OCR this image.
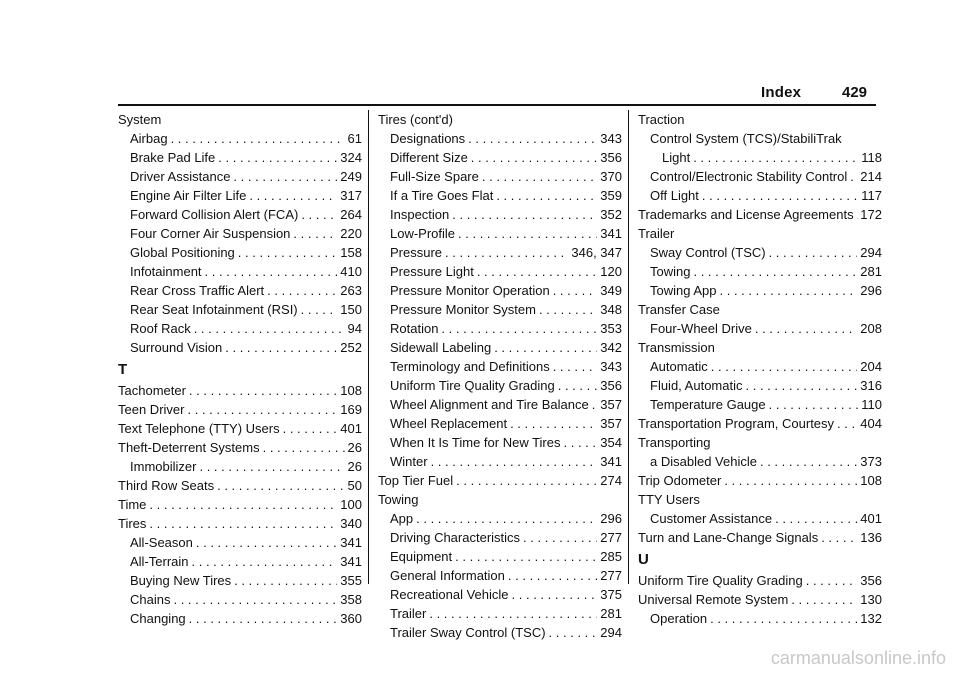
Index	429
System
Airbag . . .	61
Brake Pad Life . . .	324
Driver Assistance . . .	249
Engine Air Filter Life . . .	317
Forward Collision Alert (FCA) . . .	264
Four Corner Air Suspension . . .	220
Global Positioning . . .	158
Infotainment . . .	410
Rear Cross Traffic Alert . . .	263
Rear Seat Infotainment (RSI) . . .	150
Roof Rack . . .	94
Surround Vision . . .	252
T
Tachometer . . .	108
Teen Driver . . .	169
Text Telephone (TTY) Users . . .	401
Theft-Deterrent Systems . . .	26
Immobilizer . . .	26
Third Row Seats . . .	50
Time . . .	100
Tires . . .	340
All-Season . . .	341
All-Terrain . . .	341
Buying New Tires . . .	355
Chains . . .	358
Changing . . .	360
Tires (cont'd)
Designations . . .	343
Different Size . . .	356
Full-Size Spare . . .	370
If a Tire Goes Flat . . .	359
Inspection . . .	352
Low-Profile . . .	341
Pressure . . .	346, 347
Pressure Light . . .	120
Pressure Monitor Operation . . .	349
Pressure Monitor System . . .	348
Rotation . . .	353
Sidewall Labeling . . .	342
Terminology and Definitions . . .	343
Uniform Tire Quality Grading . . .	356
Wheel Alignment and Tire Balance . . . 357
Wheel Replacement . . .	357
When It Is Time for New Tires . . .	354
Winter . . .	341
Top Tier Fuel . . .	274
Towing
App . . .	296
Driving Characteristics . . .	277
Equipment . . .	285
General Information . . .	277
Recreational Vehicle . . .	375
Trailer . . .	281
Trailer Sway Control (TSC) . . .	294
Traction
Control System (TCS)/StabiliTrak
Light . . .	118
Control/Electronic Stability Control . . . 214
Off Light . . .	117
Trademarks and License Agreements . . . 172
Trailer
Sway Control (TSC) . . .	294
Towing . . .	281
Towing App . . .	296
Transfer Case
Four-Wheel Drive . . .	208
Transmission
Automatic . . .	204
Fluid, Automatic . . .	316
Temperature Gauge . . .	110
Transportation Program, Courtesy . . . 404
Transporting
a Disabled Vehicle . . .	373
Trip Odometer . . .	108
TTY Users
Customer Assistance . . .	401
Turn and Lane-Change Signals . . .	136
U
Uniform Tire Quality Grading . . .	356
Universal Remote System . . .	130
Operation . . .	132
carmanualsonline.info
